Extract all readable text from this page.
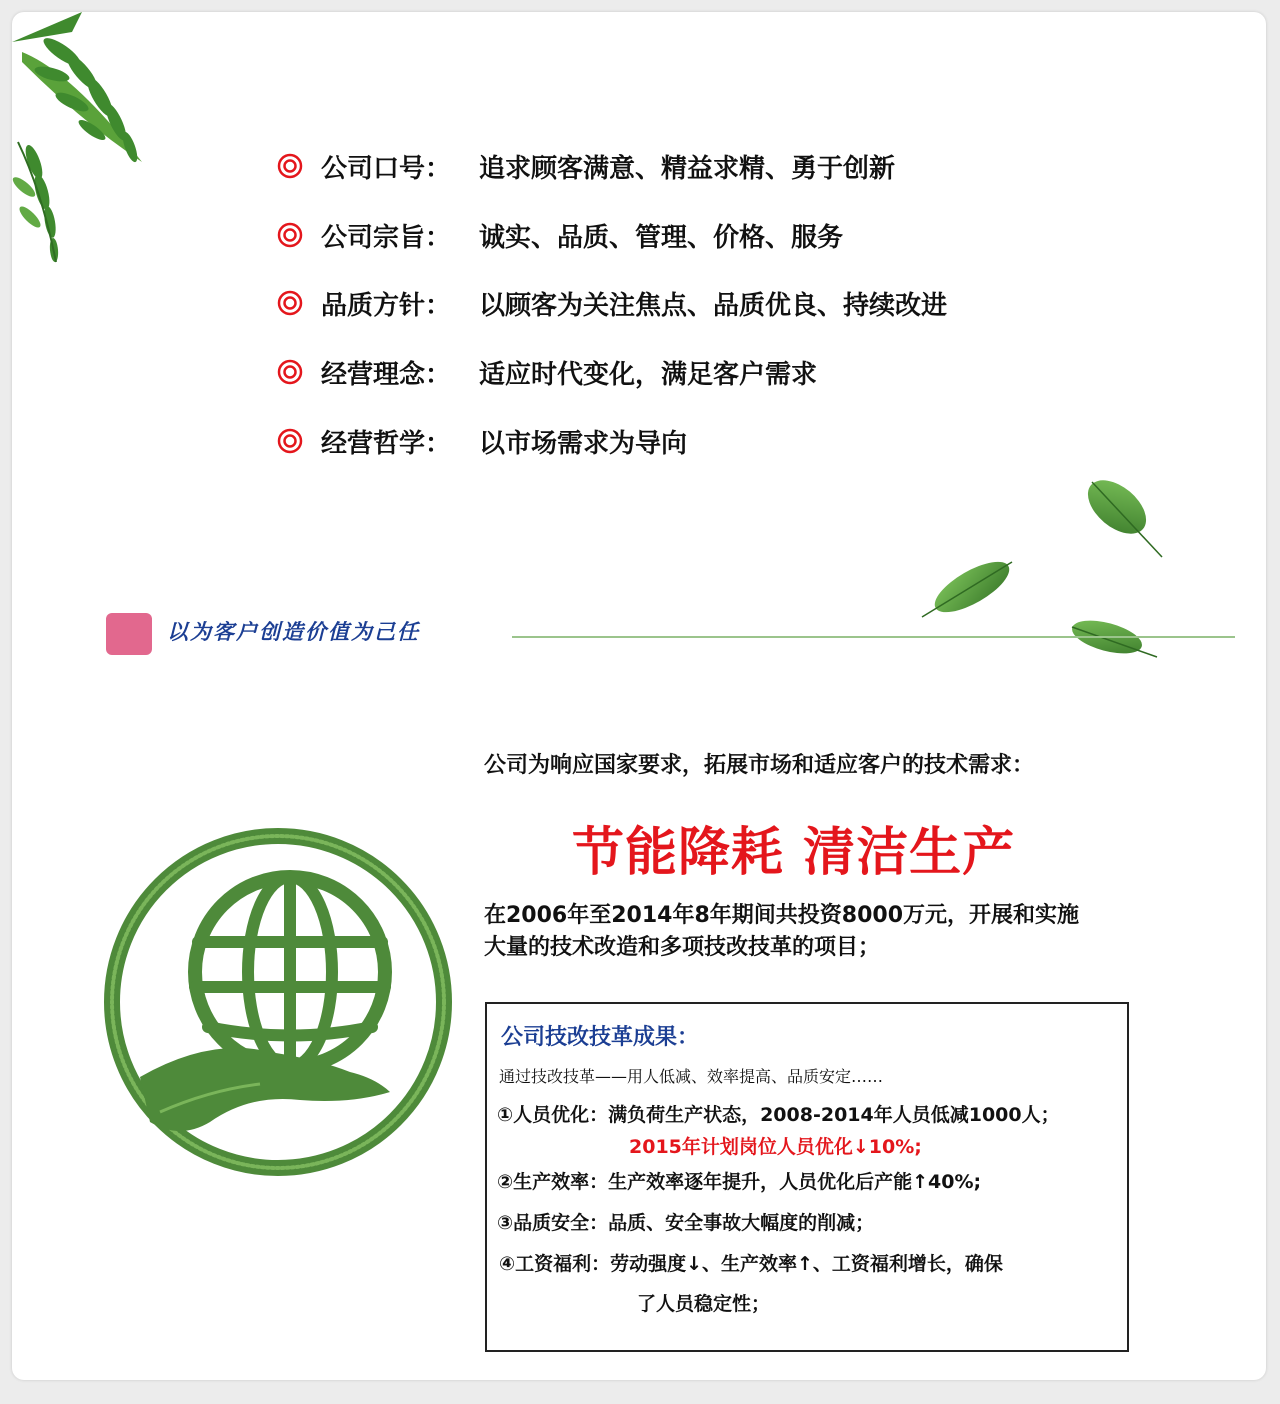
公司口号：	追求顾客满意、精益求精、勇于创新
公司宗旨：	诚实、品质、管理、价格、服务
品质方针：	以顾客为关注焦点、品质优良、持续改进
经营理念：	适应时代变化，满足客户需求
经营哲学：	以市场需求为导向
以为客户创造价值为己任
公司为响应国家要求，拓展市场和适应客户的技术需求：
节能降耗 清洁生产
在2006年至2014年8年期间共投资8000万元，开展和实施
大量的技术改造和多项技改技革的项目；
公司技改技革成果：
通过技改技革——用人低减、效率提高、品质安定……
①人员优化：满负荷生产状态，2008-2014年人员低减1000人；
2015年计划岗位人员优化↓10%;
②生产效率：生产效率逐年提升，人员优化后产能↑40%;
③品质安全：品质、安全事故大幅度的削减；
④工资福利：劳动强度↓、生产效率↑、工资福利增长，确保
了人员稳定性；
